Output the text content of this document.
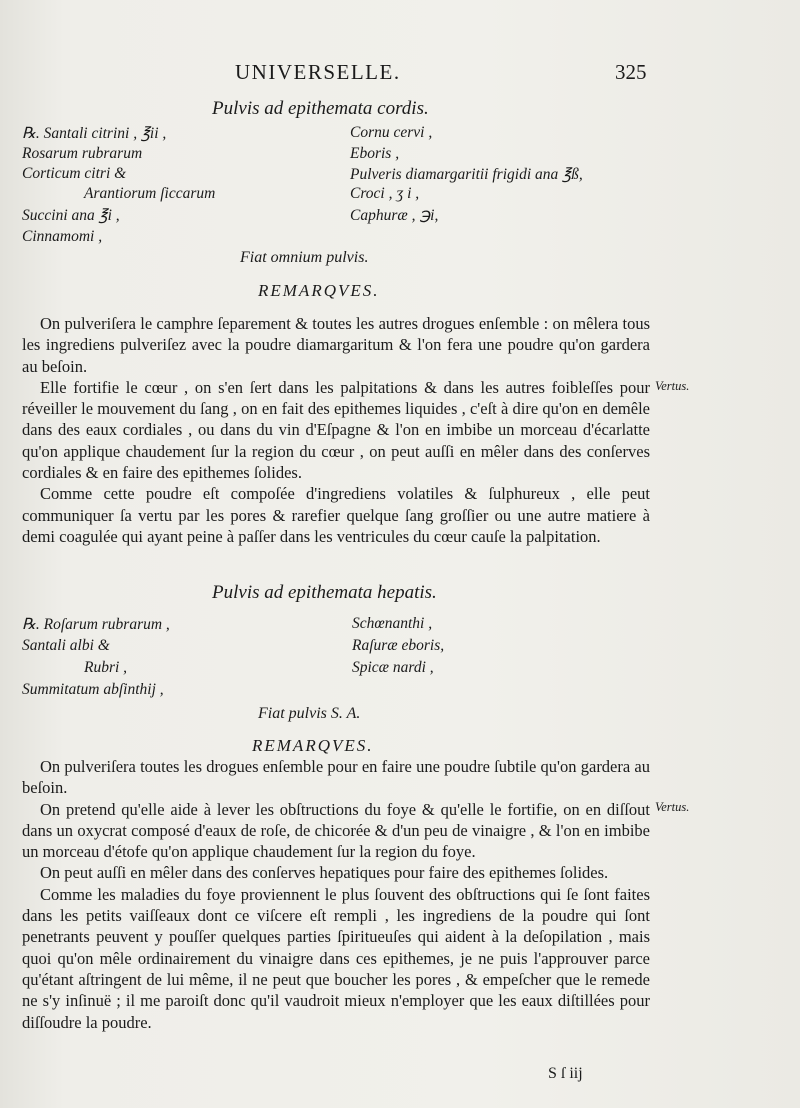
UNIVERSELLE.	325
Pulvis ad epithemata cordis.
℞. Santali citrini , ℥ii ,
Rosarum rubrarum
Corticum citri &
Arantiorum ſiccarum
Succini ana ℥i ,
Cinnamomi ,
Cornu cervi ,
Eboris ,
Pulveris diamargaritii frigidi ana ℥ß,
Croci , ʒ i ,
Caphuræ , ℈i,
Fiat omnium pulvis.
REMARQVES.

On pulveriſera le camphre ſeparement & toutes les autres drogues enſemble : on mêlera tous les ingrediens pulveriſez avec la poudre diamargaritum & l'on fera une poudre qu'on gardera au beſoin.

Elle fortifie le cœur , on s'en ſert dans les palpitations & dans les autres foibleſſes pour réveiller le mouvement du ſang , on en fait des epithemes liquides , c'eſt à dire qu'on en demêle dans des eaux cordiales , ou dans du vin d'Eſpagne & l'on en imbibe un morceau d'écarlatte qu'on applique chaudement ſur la region du cœur , on peut auſſi en mêler dans des conſerves cordiales & en faire des epithemes ſolides.

Comme cette poudre eſt compoſée d'ingrediens volatiles & ſulphureux , elle peut communiquer ſa vertu par les pores & rarefier quelque ſang groſſier ou une autre matiere à demi coagulée qui ayant peine à paſſer dans les ventricules du cœur cauſe la palpitation.

Vertus.
Pulvis ad epithemata hepatis.
℞. Roſarum rubrarum ,
Santali albi &
Rubri ,
Summitatum abſinthij ,
Schœnanthi ,
Raſuræ eboris,
Spicæ nardi ,
Fiat pulvis S. A.
REMARQVES.

On pulveriſera toutes les drogues enſemble pour en faire une poudre ſubtile qu'on gardera au beſoin.

On pretend qu'elle aide à lever les obſtructions du foye & qu'elle le fortifie, on en diſſout dans un oxycrat composé d'eaux de roſe, de chicorée & d'un peu de vinaigre , & l'on en imbibe un morceau d'étofe qu'on applique chaudement ſur la region du foye.

On peut auſſi en mêler dans des conſerves hepatiques pour faire des epithemes ſolides.

Comme les maladies du foye proviennent le plus ſouvent des obſtructions qui ſe ſont faites dans les petits vaiſſeaux dont ce viſcere eſt rempli , les ingrediens de la poudre qui ſont penetrants peuvent y pouſſer quelques parties ſpiritueuſes qui aident à la deſopilation , mais quoi qu'on mêle ordinairement du vinaigre dans ces epithemes, je ne puis l'approuver parce qu'étant aſtringent de lui même, il ne peut que boucher les pores , & empeſcher que le remede ne s'y inſinuë ; il me paroiſt donc qu'il vaudroit mieux n'employer que les eaux diſtillées pour diſſoudre la poudre.

Vertus.
S ſ iij
